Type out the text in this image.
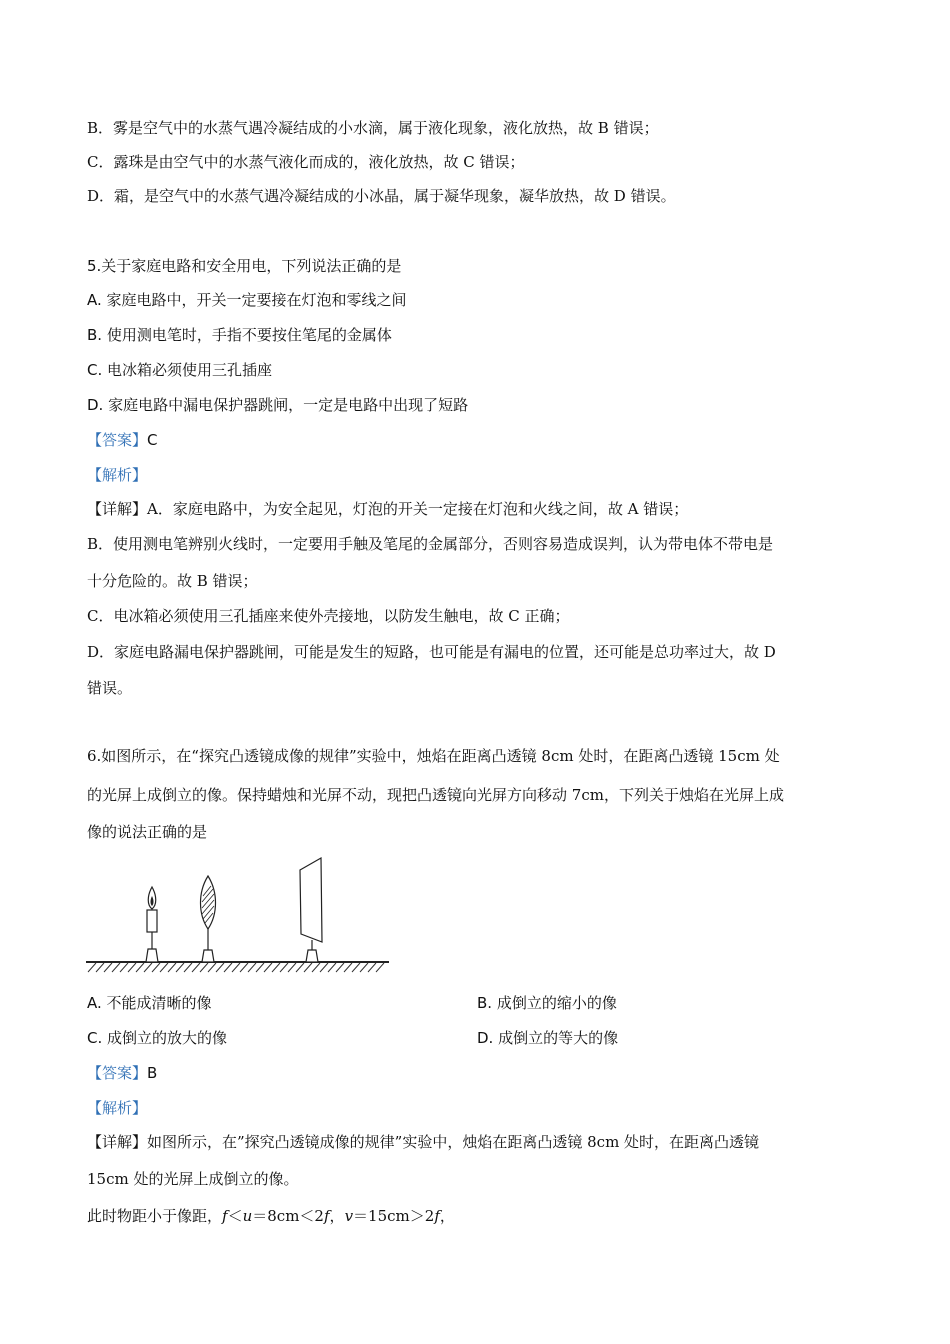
B．雾是空气中的水蒸气遇冷凝结成的小水滴，属于液化现象，液化放热，故 B 错误；
C．露珠是由空气中的水蒸气液化而成的，液化放热，故 C 错误；
D．霜，是空气中的水蒸气遇冷凝结成的小冰晶，属于凝华现象，凝华放热，故 D 错误。
5.关于家庭电路和安全用电，下列说法正确的是
A. 家庭电路中，开关一定要接在灯泡和零线之间
B. 使用测电笔时，手指不要按住笔尾的金属体
C. 电冰箱必须使用三孔插座
D. 家庭电路中漏电保护器跳闸，一定是电路中出现了短路
【答案】C
【解析】
【详解】A．家庭电路中，为安全起见，灯泡的开关一定接在灯泡和火线之间，故 A 错误；
B．使用测电笔辨别火线时，一定要用手触及笔尾的金属部分，否则容易造成误判，认为带电体不带电是
十分危险的。故 B 错误；
C．电冰箱必须使用三孔插座来使外壳接地，以防发生触电，故 C 正确；
D．家庭电路漏电保护器跳闸，可能是发生的短路，也可能是有漏电的位置，还可能是总功率过大，故 D
错误。
6.如图所示，在“探究凸透镜成像的规律”实验中，烛焰在距离凸透镜 8cm 处时，在距离凸透镜 15cm 处
的光屏上成倒立的像。保持蜡烛和光屏不动，现把凸透镜向光屏方向移动 7cm，下列关于烛焰在光屏上成
像的说法正确的是
A. 不能成清晰的像	B. 成倒立的缩小的像
C. 成倒立的放大的像	D. 成倒立的等大的像
【答案】B
【解析】
【详解】如图所示，在”探究凸透镜成像的规律”实验中，烛焰在距离凸透镜 8cm 处时，在距离凸透镜
15cm 处的光屏上成倒立的像。
此时物距小于像距，f＜u＝8cm＜2f，v＝15cm＞2f，
